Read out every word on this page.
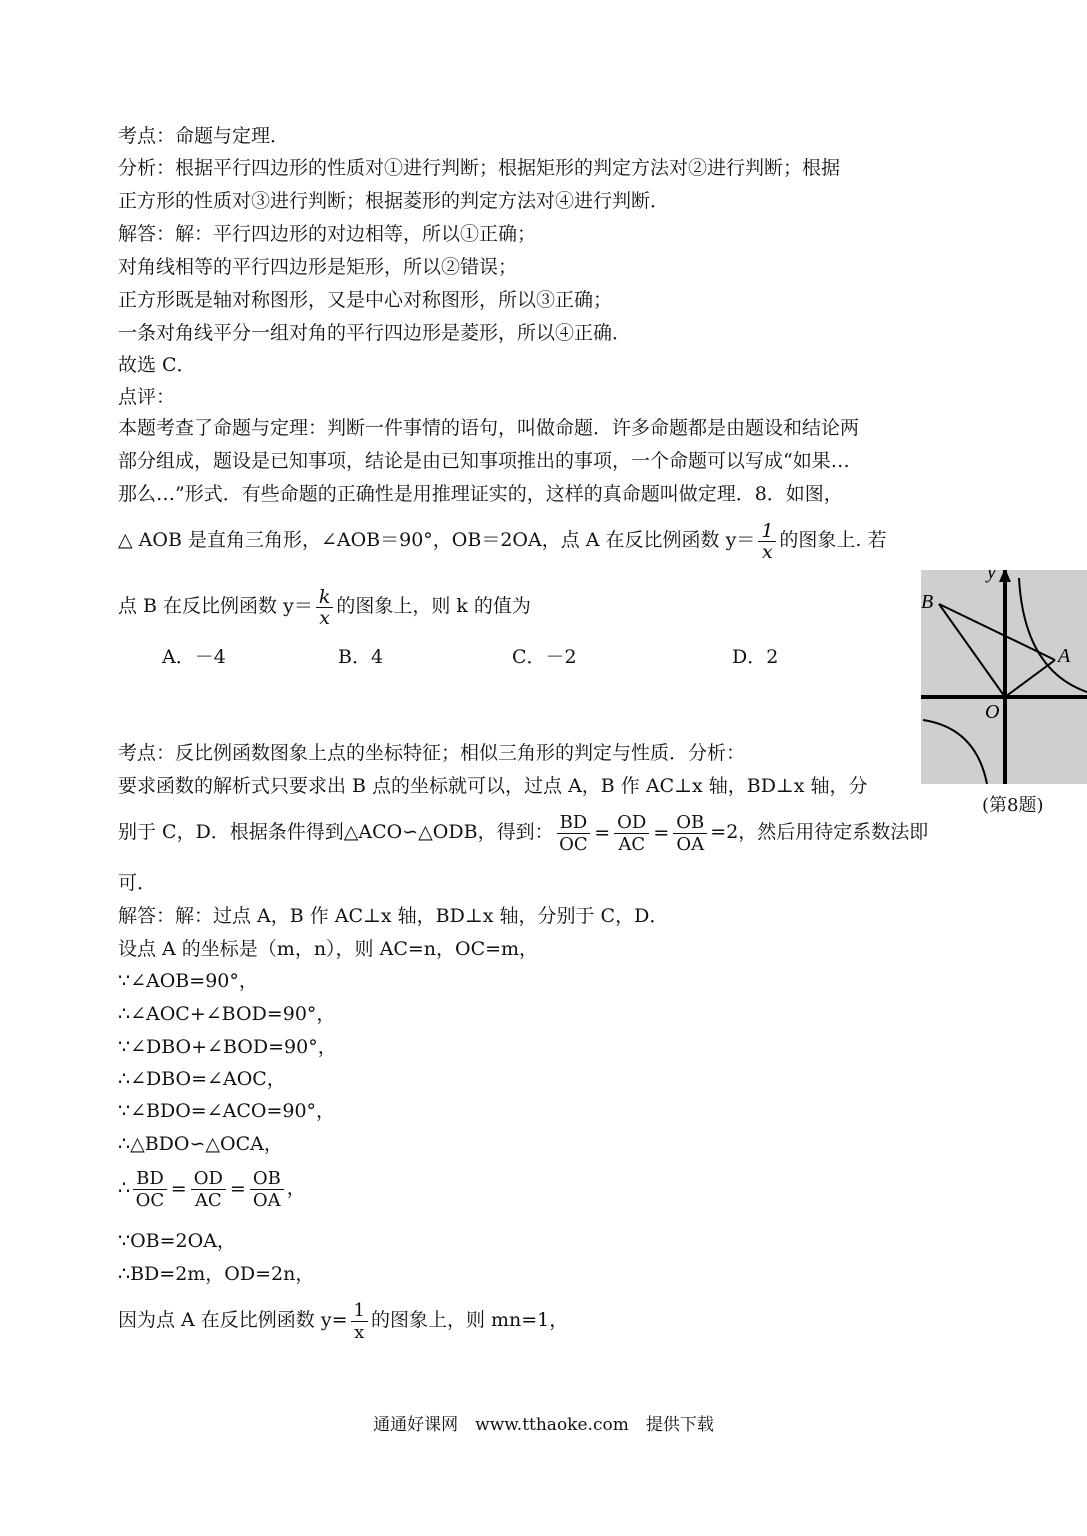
考点：命题与定理．
分析：根据平行四边形的性质对①进行判断；根据矩形的判定方法对②进行判断；根据
正方形的性质对③进行判断；根据菱形的判定方法对④进行判断．
解答：解：平行四边形的对边相等，所以①正确；
对角线相等的平行四边形是矩形，所以②错误；
正方形既是轴对称图形，又是中心对称图形，所以③正确；
一条对角线平分一组对角的平行四边形是菱形，所以④正确．
故选 C．
点评：
本题考查了命题与定理：判断一件事情的语句，叫做命题．许多命题都是由题设和结论两
部分组成，题设是已知事项，结论是由已知事项推出的事项，一个命题可以写成“如果…
那么…”形式．有些命题的正确性是用推理证实的，这样的真命题叫做定理．8．如图，
△ AOB 是直角三角形，∠AOB＝90°，OB＝2OA，点 A 在反比例函数 $y= \frac{1}{x}$ 的图象上. 若
点 B 在反比例函数 $y= \frac{k}{x}$ 的图象上，则 k 的值为
A．－4	B．4	C．－2	D．2
y
B
A
O
(第8题)
考点：反比例函数图象上点的坐标特征；相似三角形的判定与性质．分析：
要求函数的解析式只要求出 B 点的坐标就可以，过点 A，B 作 AC⊥x 轴，BD⊥x 轴，分
别于 C，D．根据条件得到△ACO∽△ODB，得到： $\frac{BD}{OC} = \frac{OD}{AC} = \frac{OB}{OA} =2$，然后用待定系数法即
可．
解答：解：过点 A，B 作 AC⊥x 轴，BD⊥x 轴，分别于 C，D．
设点 A 的坐标是（m，n），则 AC=n，OC=m，
∵∠AOB=90°，
∴∠AOC+∠BOD=90°，
∵∠DBO+∠BOD=90°，
∴∠DBO=∠AOC，
∵∠BDO=∠ACO=90°，
∴△BDO∽△OCA，
∴ $\frac{BD}{OC} = \frac{OD}{AC} = \frac{OB}{OA}$ ，
∵OB=2OA，
∴BD=2m，OD=2n，
因为点 A 在反比例函数 $y= \frac{1}{x}$ 的图象上，则 mn=1，
通通好课网　www.tthaoke.com　提供下载
